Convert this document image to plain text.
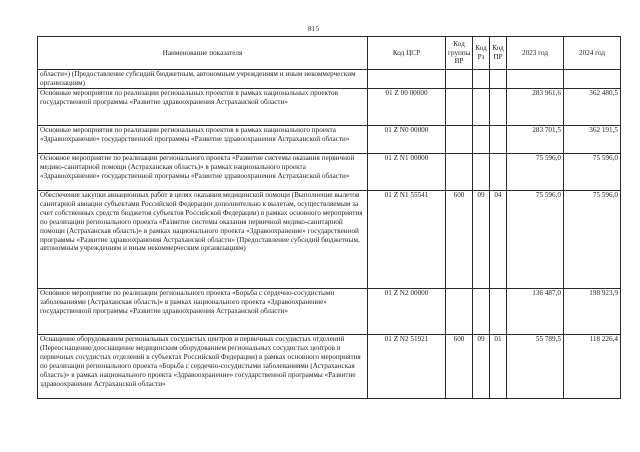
815
Наименование показателя	Код ЦСР	Код группы ВР	Код Рз	Код ПР	2023 год	2024 год
области») (Предоставление субсидий бюджетным, автономным учреждениям и иным некоммерческим организациям)						
Основные мероприятия по реализации региональных проектов в рамках национальных проектов государственной программы «Развитие здравоохранения Астраханской области»	01 Z 00 00000				283 961,6	362 480,5
Основные мероприятия по реализации региональных проектов в рамках национального проекта «Здравоохранение» государственной программы «Развитие здравоохранения Астраханской области»	01 Z N0 00000				283 701,5	362 191,5
Основное мероприятие по реализации регионального проекта «Развитие системы оказания первичной медико-санитарной помощи (Астраханская область)» в рамках национального проекта «Здравоохранение» государственной программы «Развитие здравоохранения Астраханской области»	01 Z N1 00000				75 596,0	75 596,0
Обеспечение закупки авиационных работ в целях оказания медицинской помощи (Выполнение вылетов санитарной авиации субъектами Российской Федерации дополнительно к вылетам, осуществляемым за счет собственных средств бюджетов субъектов Российской Федерации) в рамках основного мероприятия по реализации регионального проекта «Развитие системы оказания первичной медико-санитарной помощи (Астраханская область)» в рамках национального проекта «Здравоохранение» государственной программы «Развитие здравоохранения Астраханской области» (Предоставление субсидий бюджетным, автономным учреждениям и иным некоммерческим организациям)	01 Z N1 55541	600	09	04	75 596,0	75 596,0
Основное мероприятие по реализации регионального проекта «Борьба с сердечно-сосудистыми заболеваниями (Астраханская область)» в рамках национального проекта «Здравоохранение» государственной программы «Развитие здравоохранения Астраханской области»	01 Z N2 00000				136 487,0	198 923,9
Оснащение оборудованием региональных сосудистых центров и первичных сосудистых отделений (Переоснащение/дооснащение медицинским оборудованием региональных сосудистых центров и первичных сосудистых отделений в субъектах Российской Федерации) в рамках основного мероприятия по реализации регионального проекта «Борьба с сердечно-сосудистыми заболеваниями (Астраханская область)» в рамках национального проекта «Здравоохранение» государственной программы «Развитие здравоохранения Астраханской области»	01 Z N2 51921	600	09	01	55 789,5	118 226,4
